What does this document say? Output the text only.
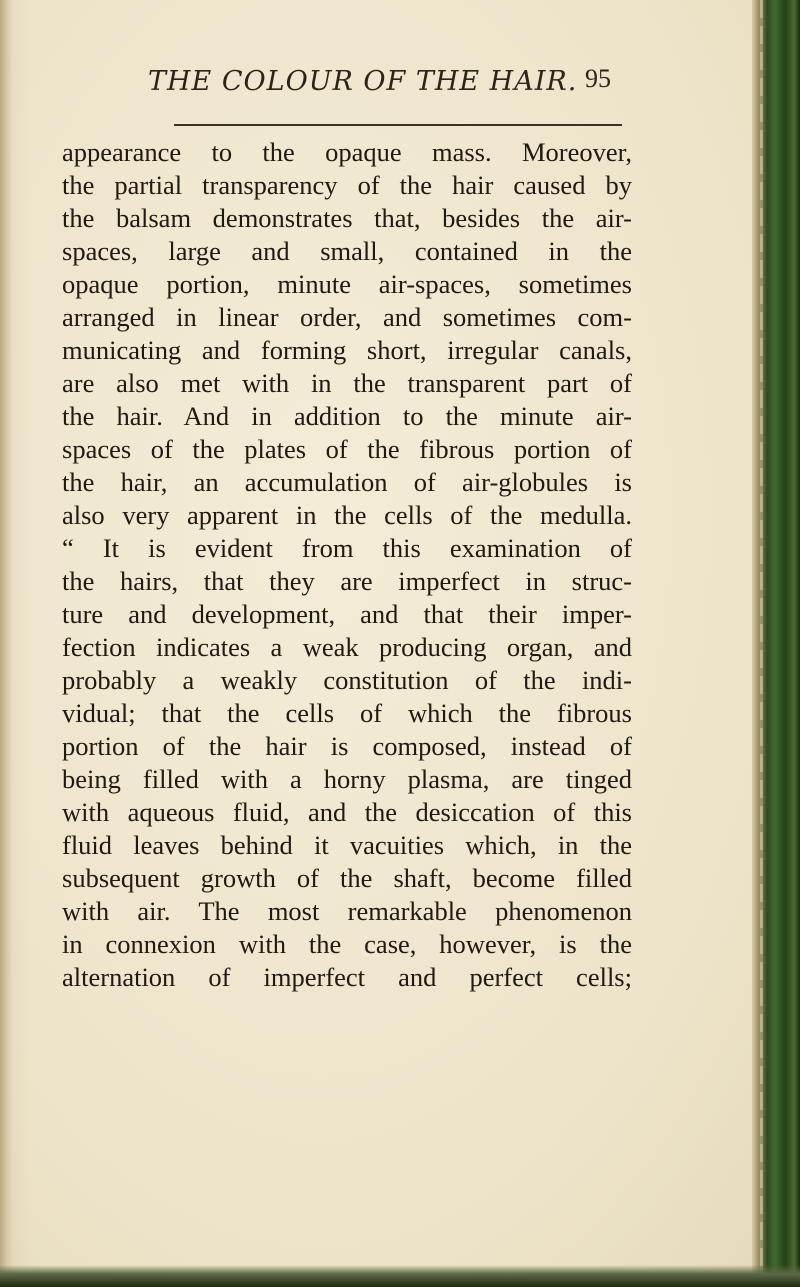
THE COLOUR OF THE HAIR. 95
appearance to the opaque mass. Moreover,
the partial transparency of the hair caused by
the balsam demonstrates that, besides the air-
spaces, large and small, contained in the
opaque portion, minute air-spaces, sometimes
arranged in linear order, and sometimes com-
municating and forming short, irregular canals,
are also met with in the transparent part of
the hair. And in addition to the minute air-
spaces of the plates of the fibrous portion of
the hair, an accumulation of air-globules is
also very apparent in the cells of the medulla.
“ It is evident from this examination of
the hairs, that they are imperfect in struc-
ture and development, and that their imper-
fection indicates a weak producing organ, and
probably a weakly constitution of the indi-
vidual; that the cells of which the fibrous
portion of the hair is composed, instead of
being filled with a horny plasma, are tinged
with aqueous fluid, and the desiccation of this
fluid leaves behind it vacuities which, in the
subsequent growth of the shaft, become filled
with air. The most remarkable phenomenon
in connexion with the case, however, is the
alternation of imperfect and perfect cells;
